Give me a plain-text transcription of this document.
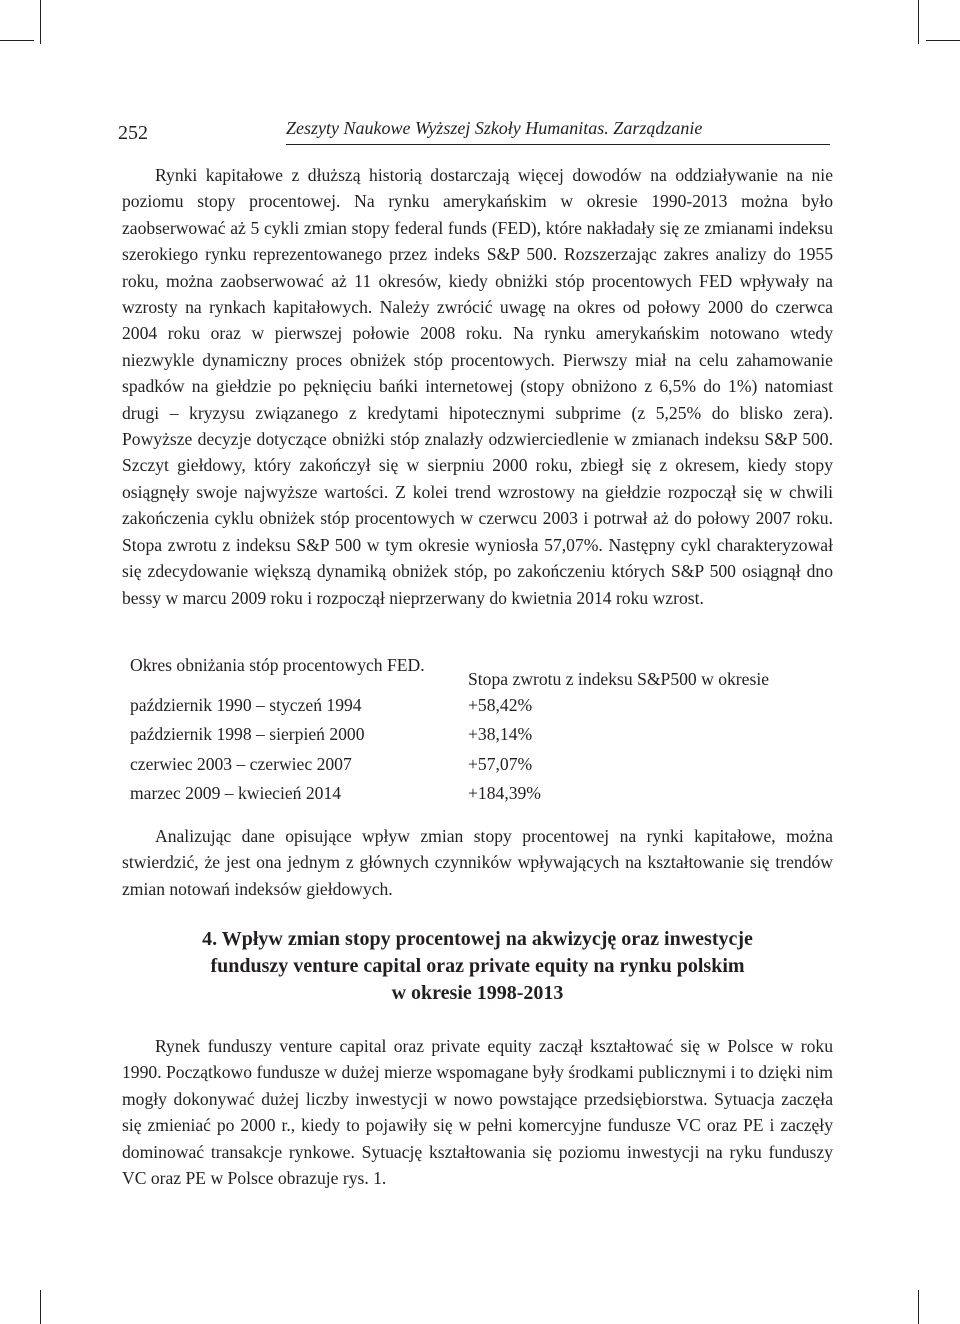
252	Zeszyty Naukowe Wyższej Szkoły Humanitas. Zarządzanie

Rynki kapitałowe z dłuższą historią dostarczają więcej dowodów na oddziaływanie na nie poziomu stopy procentowej. Na rynku amerykańskim w okresie 1990-2013 można było zaobserwować aż 5 cykli zmian stopy federal funds (FED), które nakładały się ze zmianami indeksu szerokiego rynku reprezentowanego przez indeks S&P 500. Rozszerzając zakres analizy do 1955 roku, można zaobserwować aż 11 okresów, kiedy obniżki stóp procentowych FED wpływały na wzrosty na rynkach kapitałowych. Należy zwrócić uwagę na okres od połowy 2000 do czerwca 2004 roku oraz w pierwszej połowie 2008 roku. Na rynku amerykańskim notowano wtedy niezwykle dynamiczny proces obniżek stóp procentowych. Pierwszy miał na celu zahamowanie spadków na giełdzie po pęknięciu bańki internetowej (stopy obniżono z 6,5% do 1%) natomiast drugi – kryzysu związanego z kredytami hipotecznymi subprime (z 5,25% do blisko zera). Powyższe decyzje dotyczące obniżki stóp znalazły odzwierciedlenie w zmianach indeksu S&P 500. Szczyt giełdowy, który zakończył się w sierpniu 2000 roku, zbiegł się z okresem, kiedy stopy osiągnęły swoje najwyższe wartości. Z kolei trend wzrostowy na giełdzie rozpoczął się w chwili zakończenia cyklu obniżek stóp procentowych w czerwcu 2003 i potrwał aż do połowy 2007 roku. Stopa zwrotu z indeksu S&P 500 w tym okresie wyniosła 57,07%. Następny cykl charakteryzował się zdecydowanie większą dynamiką obniżek stóp, po zakończeniu których S&P 500 osiągnął dno bessy w marcu 2009 roku i rozpoczął nieprzerwany do kwietnia 2014 roku wzrost.

Okres obniżania stóp procentowych FED.	Stopa zwrotu z indeksu S&P500 w okresie
październik 1990 – styczeń 1994	+58,42%
październik 1998 – sierpień 2000	+38,14%
czerwiec 2003 – czerwiec 2007	+57,07%
marzec 2009 – kwiecień 2014	+184,39%

Analizując dane opisujące wpływ zmian stopy procentowej na rynki kapitałowe, można stwierdzić, że jest ona jednym z głównych czynników wpływających na kształtowanie się trendów zmian notowań indeksów giełdowych.

4. Wpływ zmian stopy procentowej na akwizycję oraz inwestycje
funduszy venture capital oraz private equity na rynku polskim
w okresie 1998-2013

Rynek funduszy venture capital oraz private equity zaczął kształtować się w Polsce w roku 1990. Początkowo fundusze w dużej mierze wspomagane były środkami publicznymi i to dzięki nim mogły dokonywać dużej liczby inwestycji w nowo powstające przedsiębiorstwa. Sytuacja zaczęła się zmieniać po 2000 r., kiedy to pojawiły się w pełni komercyjne fundusze VC oraz PE i zaczęły dominować transakcje rynkowe. Sytuację kształtowania się poziomu inwestycji na ryku funduszy VC oraz PE w Polsce obrazuje rys. 1.
